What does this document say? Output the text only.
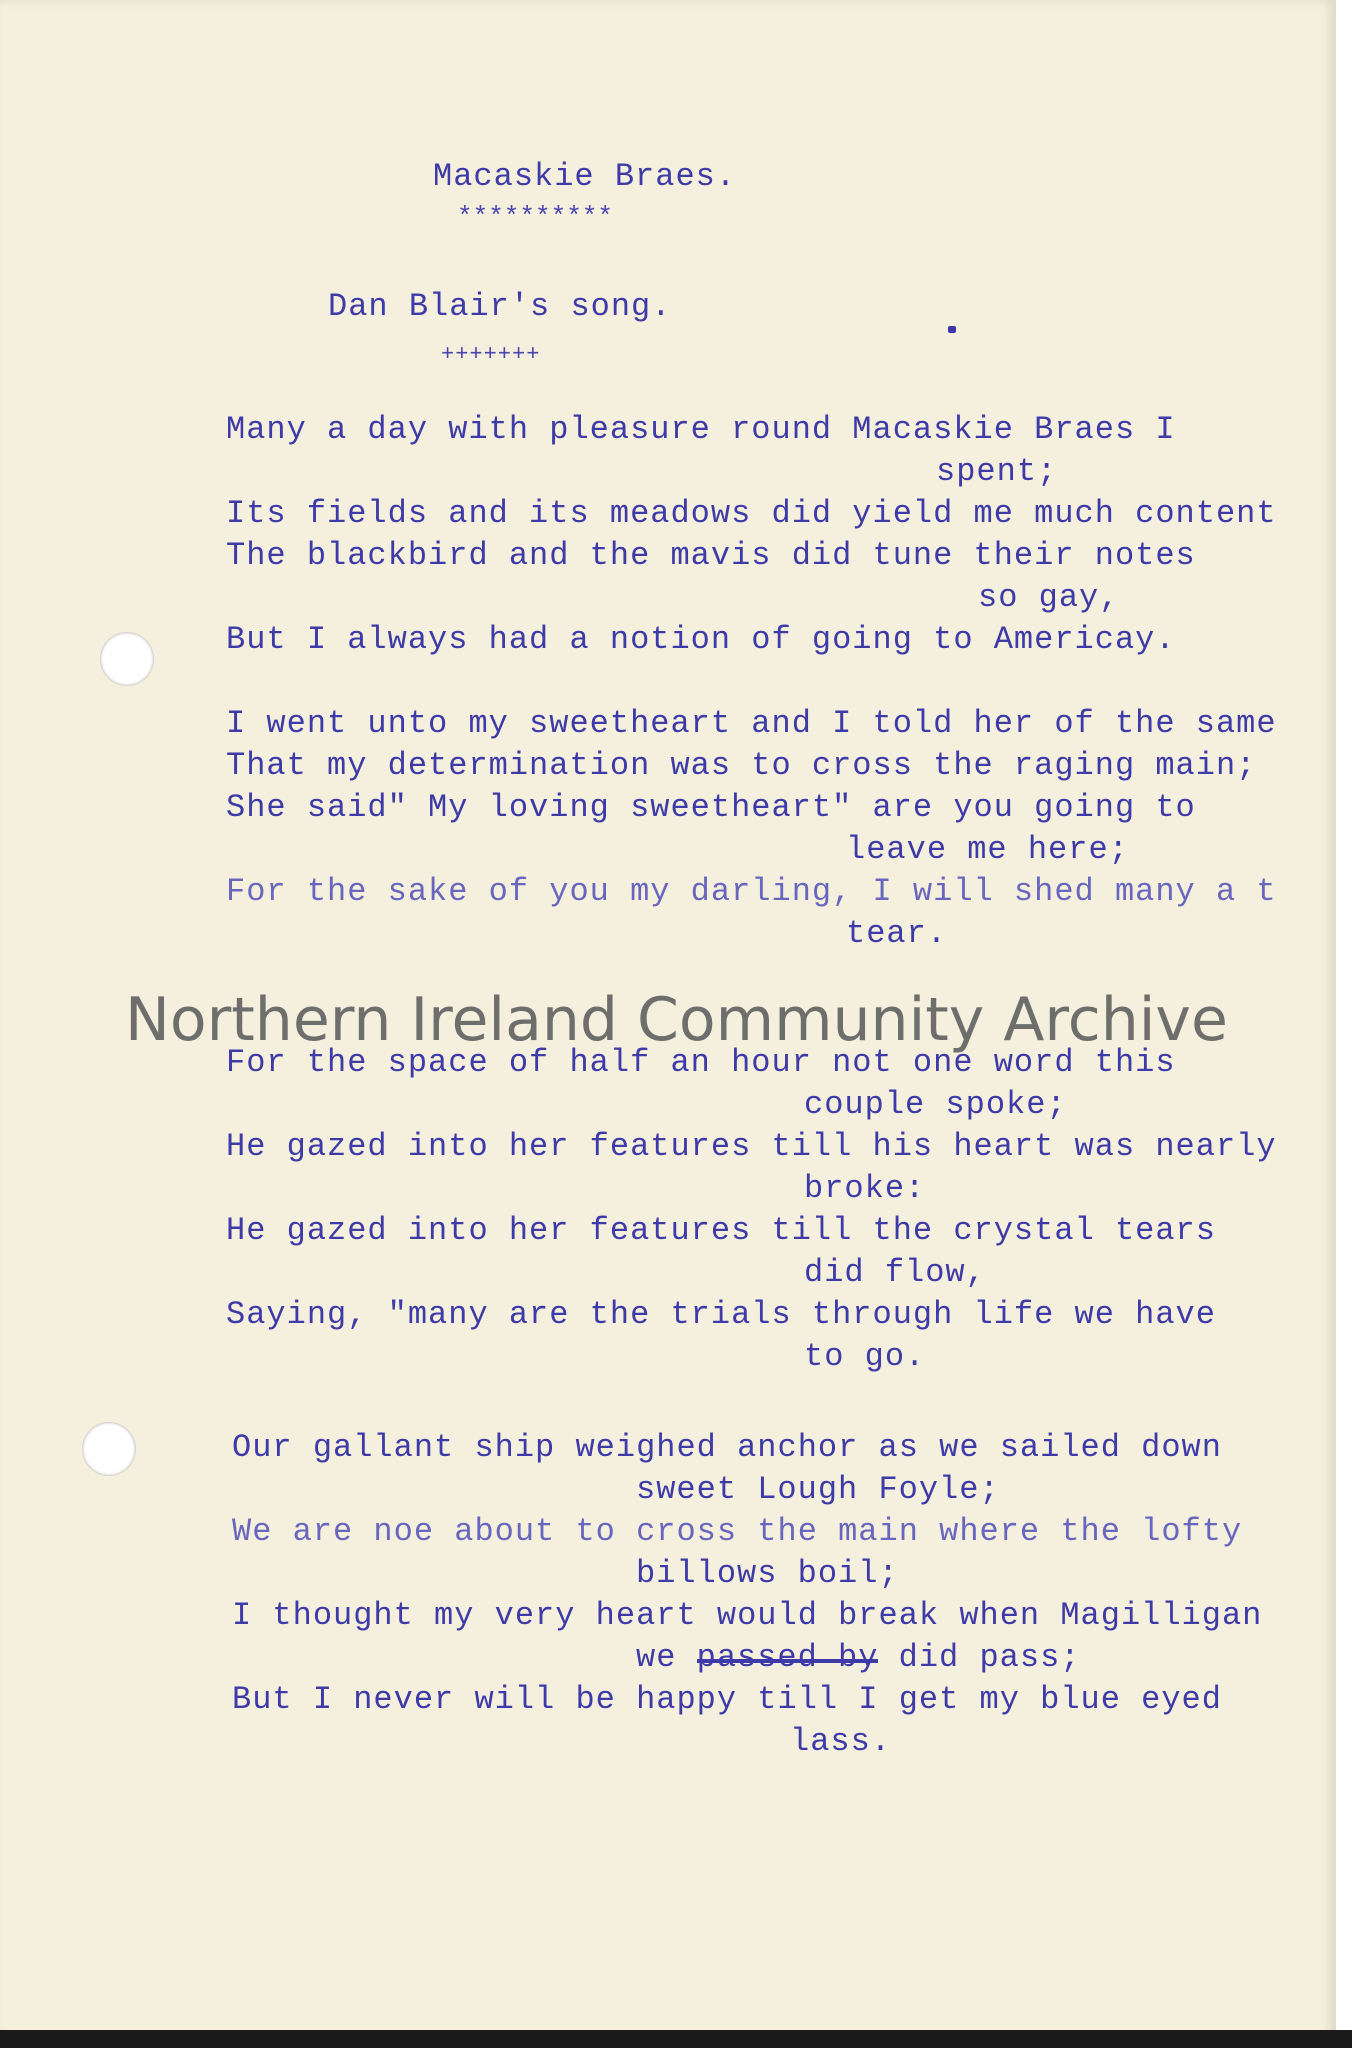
Macaskie Braes.
**********
Dan Blair's song.
+++++++
Many a day with pleasure round Macaskie Braes I
spent;
Its fields and its meadows did yield me much content
The blackbird and the mavis did tune their notes
so gay,
But I always had a notion of going to Americay.
I went unto my sweetheart and I told her of the same
That my determination was to cross the raging main;
She said" My loving sweetheart" are you going to
leave me here;
For the sake of you my darling, I will shed many a t
tear.
Northern Ireland Community Archive
For the space of half an hour not one word this
couple spoke;
He gazed into her features till his heart was nearly
broke:
He gazed into her features till the crystal tears
did flow,
Saying, "many are the trials through life we have
to go.
Our gallant ship weighed anchor as we sailed down
sweet Lough Foyle;
We are noe about to cross the main where the lofty
billows boil;
I thought my very heart would break when Magilligan
we passed by did pass;
But I never will be happy till I get my blue eyed
lass.
